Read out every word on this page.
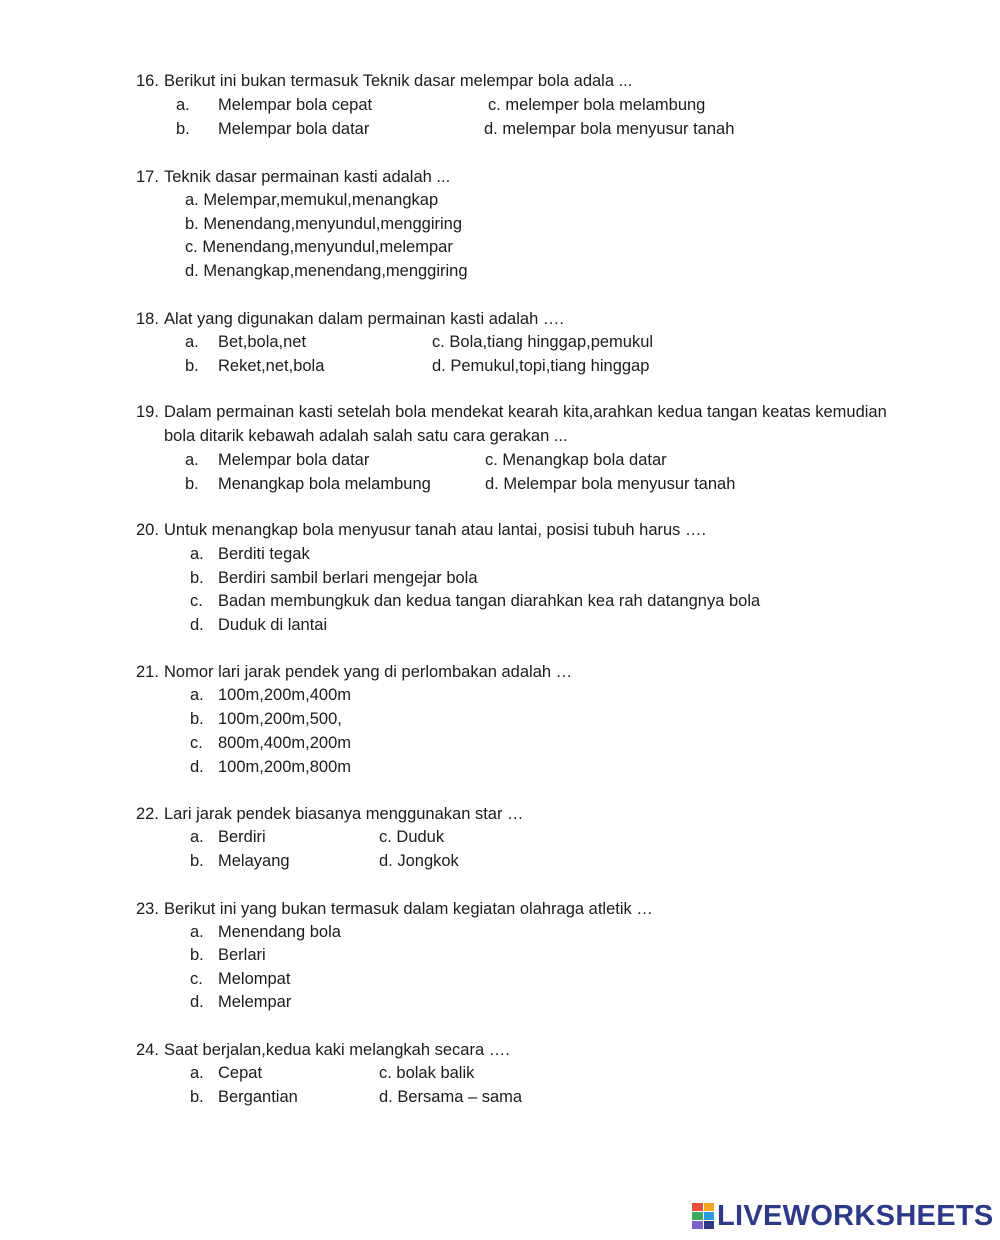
16. Berikut ini bukan termasuk Teknik dasar melempar bola adala ...
a. Melempar bola cepat
b. Melempar bola datar
c. melemper bola melambung
d. melempar bola menyusur tanah
17. Teknik dasar permainan kasti adalah ...
a. Melempar,memukul,menangkap
b. Menendang,menyundul,menggiring
c. Menendang,menyundul,melempar
d. Menangkap,menendang,menggiring
18. Alat yang digunakan dalam permainan kasti adalah ….
a. Bet,bola,net
b. Reket,net,bola
c. Bola,tiang hinggap,pemukul
d. Pemukul,topi,tiang hinggap
19. Dalam permainan kasti setelah bola mendekat kearah kita,arahkan kedua tangan keatas kemudian bola ditarik kebawah adalah salah satu cara gerakan ...
a. Melempar bola datar
b. Menangkap bola melambung
c. Menangkap bola datar
d. Melempar bola menyusur tanah
20. Untuk menangkap bola menyusur tanah atau lantai, posisi tubuh harus ….
a. Berditi tegak
b. Berdiri sambil berlari mengejar bola
c. Badan membungkuk dan kedua tangan diarahkan kea rah datangnya bola
d. Duduk di lantai
21. Nomor lari jarak pendek yang di perlombakan adalah …
a. 100m,200m,400m
b. 100m,200m,500,
c. 800m,400m,200m
d. 100m,200m,800m
22. Lari jarak pendek biasanya menggunakan star …
a. Berdiri
b. Melayang
c. Duduk
d. Jongkok
23. Berikut ini yang bukan termasuk dalam kegiatan olahraga atletik …
a. Menendang bola
b. Berlari
c. Melompat
d. Melempar
24. Saat berjalan,kedua kaki melangkah secara ….
a. Cepat
b. Bergantian
c. bolak balik
d. Bersama – sama
LIVEWORKSHEETS
